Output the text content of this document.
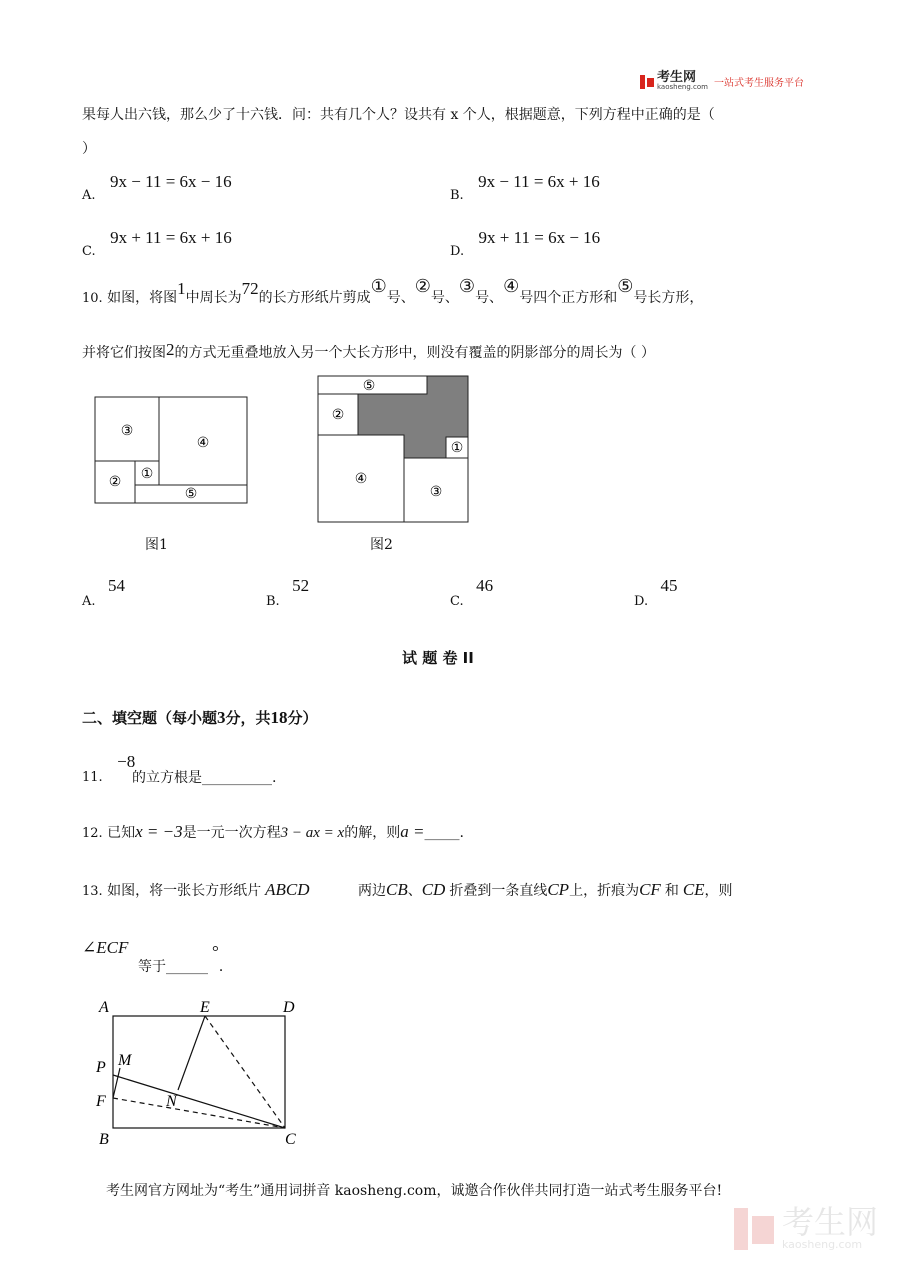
考生网
kaosheng.com 一站式考生服务平台
果每人出六钱，那么少了十六钱．问：共有几个人？设共有 x 个人，根据题意，下列方程中正确的是（
）
A. 9x − 11 = 6x − 16
B. 9x − 11 = 6x + 16
C. 9x + 11 = 6x + 16
D. 9x + 11 = 6x − 16
10. 如图，将图1中周长为72的长方形纸片剪成①号、②号、③号、④号四个正方形和⑤号长方形，
并将它们按图2的方式无重叠地放入另一个大长方形中，则没有覆盖的阴影部分的周长为（ ）
③
④
② ①
⑤
图1
⑤
②
①
④
③
图2
A. 54
B. 52
C. 46
D. 45
试 题 卷 II
二、填空题（每小题3分，共18分）
11. −8
的立方根是__________.
12. 已知x = −3是一元一次方程3 − ax = x的解，则a =_____.
13. 如图，将一张长方形纸片 ABCD	两边CB、CD 折叠到一条直线CP上，折痕为CF 和 CE，则
∠ECF
等于______°．
A	E	D
P M
F	N
B	C
考生网官方网址为“考生”通用词拼音 kaosheng.com，诚邀合作伙伴共同打造一站式考生服务平台!
考生网
kaosheng.com
